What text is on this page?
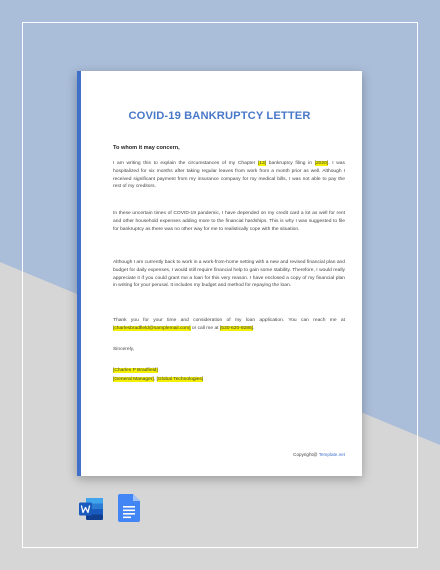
COVID-19 BANKRUPTCY LETTER
To whom it may concern,
I am writing this to explain the circumstances of my Chapter [13] bankruptcy filing in [2020]. I was hospitalized for six months after taking regular leaves from work from a month prior as well. Although I received significant payment from my insurance company for my medical bills, I was not able to pay the rest of my creditors.
In these uncertain times of COVID-19 pandemic, I have depended on my credit card a lot as well for rent and other household expenses adding more to the financial hardships. This is why I was suggested to file for bankruptcy as there was no other way for me to realistically cope with the situation.
Although I am currently back to work in a work-from-home setting with a new and revised financial plan and budget for daily expenses, I would still require financial help to gain some stability. Therefore, I would really appreciate it if you could grant me a loan for this very reason. I have enclosed a copy of my financial plan in writing for your perusal. It includes my budget and method for repaying the loan.
Thank you for your time and consideration of my loan application. You can reach me at [charlesbradfield@samplemail.com] or call me at [530-620-9286].
Sincerely,
[Charles P Bradfield]
[General Manager], [Global Technologies]
Copyright@ Template.net
